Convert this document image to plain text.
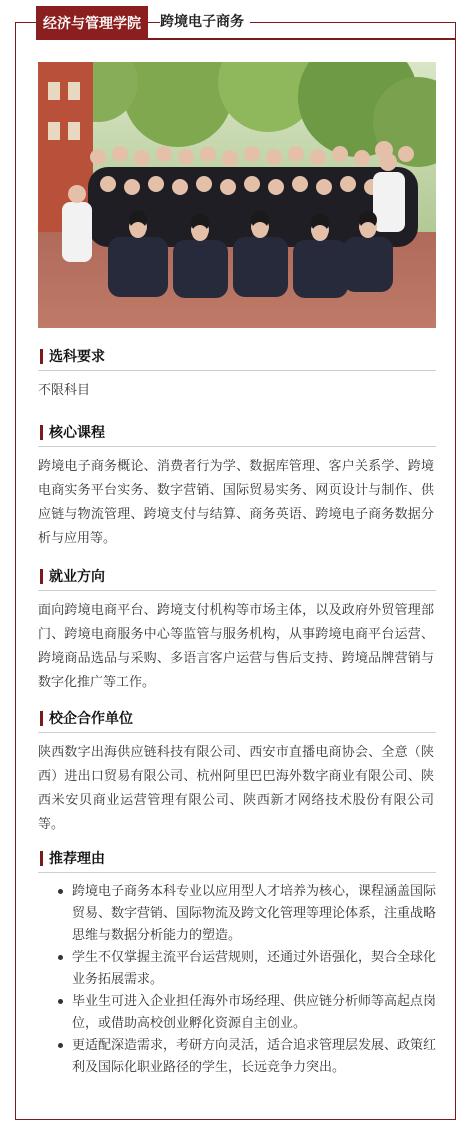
经济与管理学院	跨境电子商务
选科要求
不限科目
核心课程
跨境电子商务概论、消费者行为学、数据库管理、客户关系学、跨境电商实务平台实务、数字营销、国际贸易实务、网页设计与制作、供应链与物流管理、跨境支付与结算、商务英语、跨境电子商务数据分析与应用等。
就业方向
面向跨境电商平台、跨境支付机构等市场主体，以及政府外贸管理部门、跨境电商服务中心等监管与服务机构，从事跨境电商平台运营、跨境商品选品与采购、多语言客户运营与售后支持、跨境品牌营销与数字化推广等工作。
校企合作单位
陕西数字出海供应链科技有限公司、西安市直播电商协会、全意（陕西）进出口贸易有限公司、杭州阿里巴巴海外数字商业有限公司、陕西米安贝商业运营管理有限公司、陕西新才网络技术股份有限公司等。
推荐理由
跨境电子商务本科专业以应用型人才培养为核心，课程涵盖国际贸易、数字营销、国际物流及跨文化管理等理论体系，注重战略思维与数据分析能力的塑造。
学生不仅掌握主流平台运营规则，还通过外语强化，契合全球化业务拓展需求。
毕业生可进入企业担任海外市场经理、供应链分析师等高起点岗位，或借助高校创业孵化资源自主创业。
更适配深造需求，考研方向灵活，适合追求管理层发展、政策红利及国际化职业路径的学生，长远竞争力突出。
